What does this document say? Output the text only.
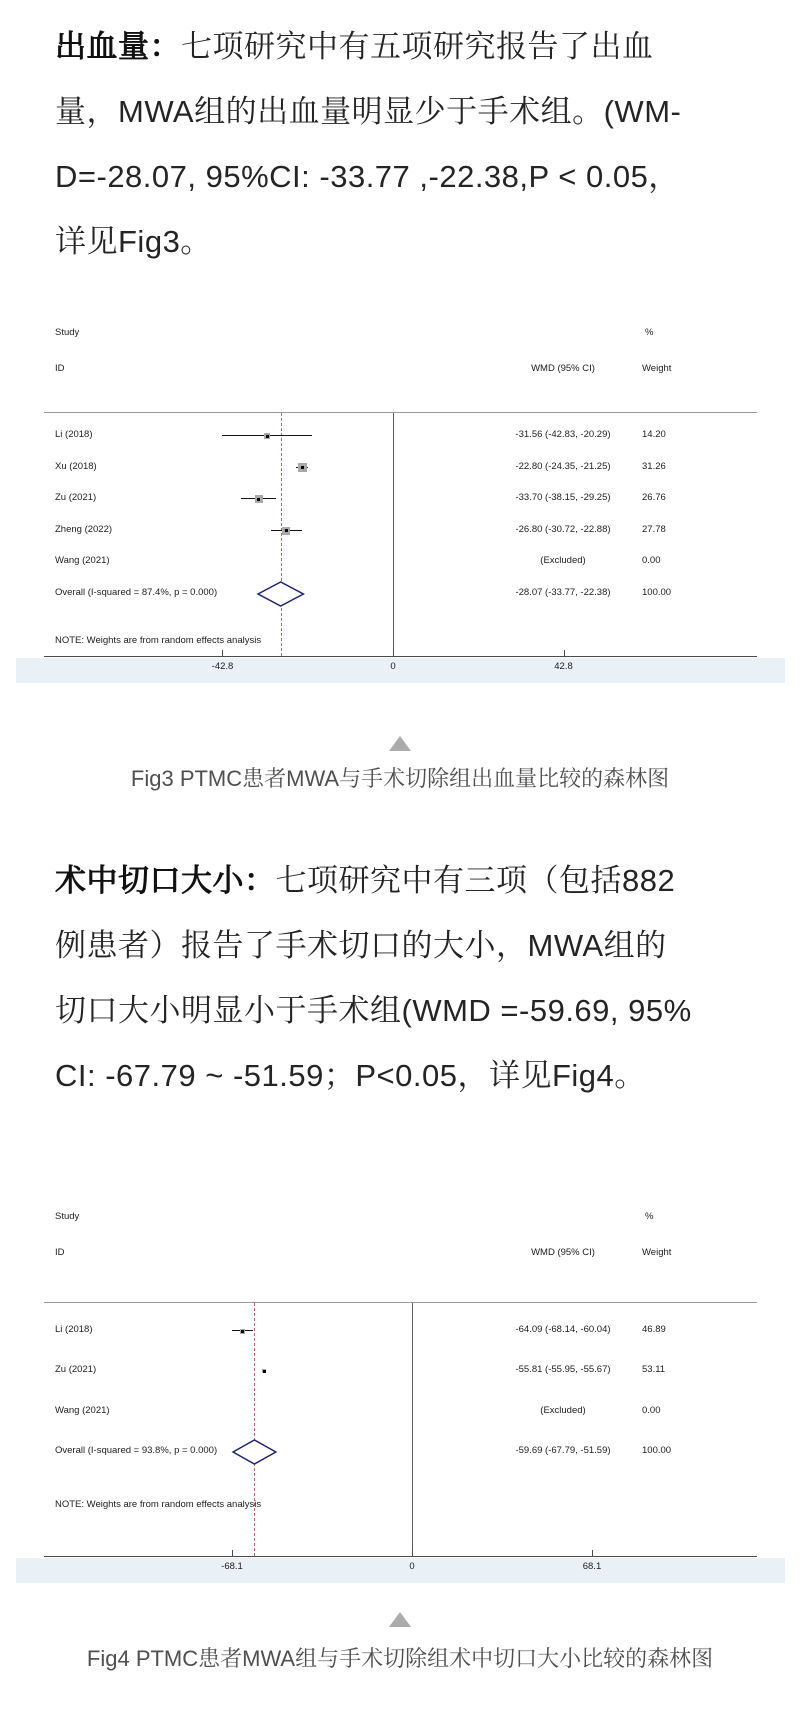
出血量：七项研究中有五项研究报告了出血
量，MWA组的出血量明显少于手术组。(WM-
D=-28.07, 95%CI: -33.77 ,-22.38,P < 0.05，
详见Fig3。
Study	%
ID	WMD (95% CI)	Weight
Li (2018)	-31.56 (-42.83, -20.29)	14.20
Xu (2018)	-22.80 (-24.35, -21.25)	31.26
Zu (2021)	-33.70 (-38.15, -29.25)	26.76
Zheng (2022)	-26.80 (-30.72, -22.88)	27.78
Wang (2021)	(Excluded)	0.00
Overall (I-squared = 87.4%, p = 0.000)	-28.07 (-33.77, -22.38)	100.00
NOTE: Weights are from random effects analysis
-42.8	0	42.8
Fig3 PTMC患者MWA与手术切除组出血量比较的森林图
术中切口大小：七项研究中有三项（包括882
例患者）报告了手术切口的大小，MWA组的
切口大小明显小于手术组(WMD =-59.69, 95%
CI: -67.79 ~ -51.59；P<0.05，详见Fig4。
Study	%
ID	WMD (95% CI)	Weight
Li (2018)	-64.09 (-68.14, -60.04)	46.89
Zu (2021)	-55.81 (-55.95, -55.67)	53.11
Wang (2021)	(Excluded)	0.00
Overall (I-squared = 93.8%, p = 0.000)	-59.69 (-67.79, -51.59)	100.00
NOTE: Weights are from random effects analysis
-68.1	0	68.1
Fig4 PTMC患者MWA组与手术切除组术中切口大小比较的森林图
